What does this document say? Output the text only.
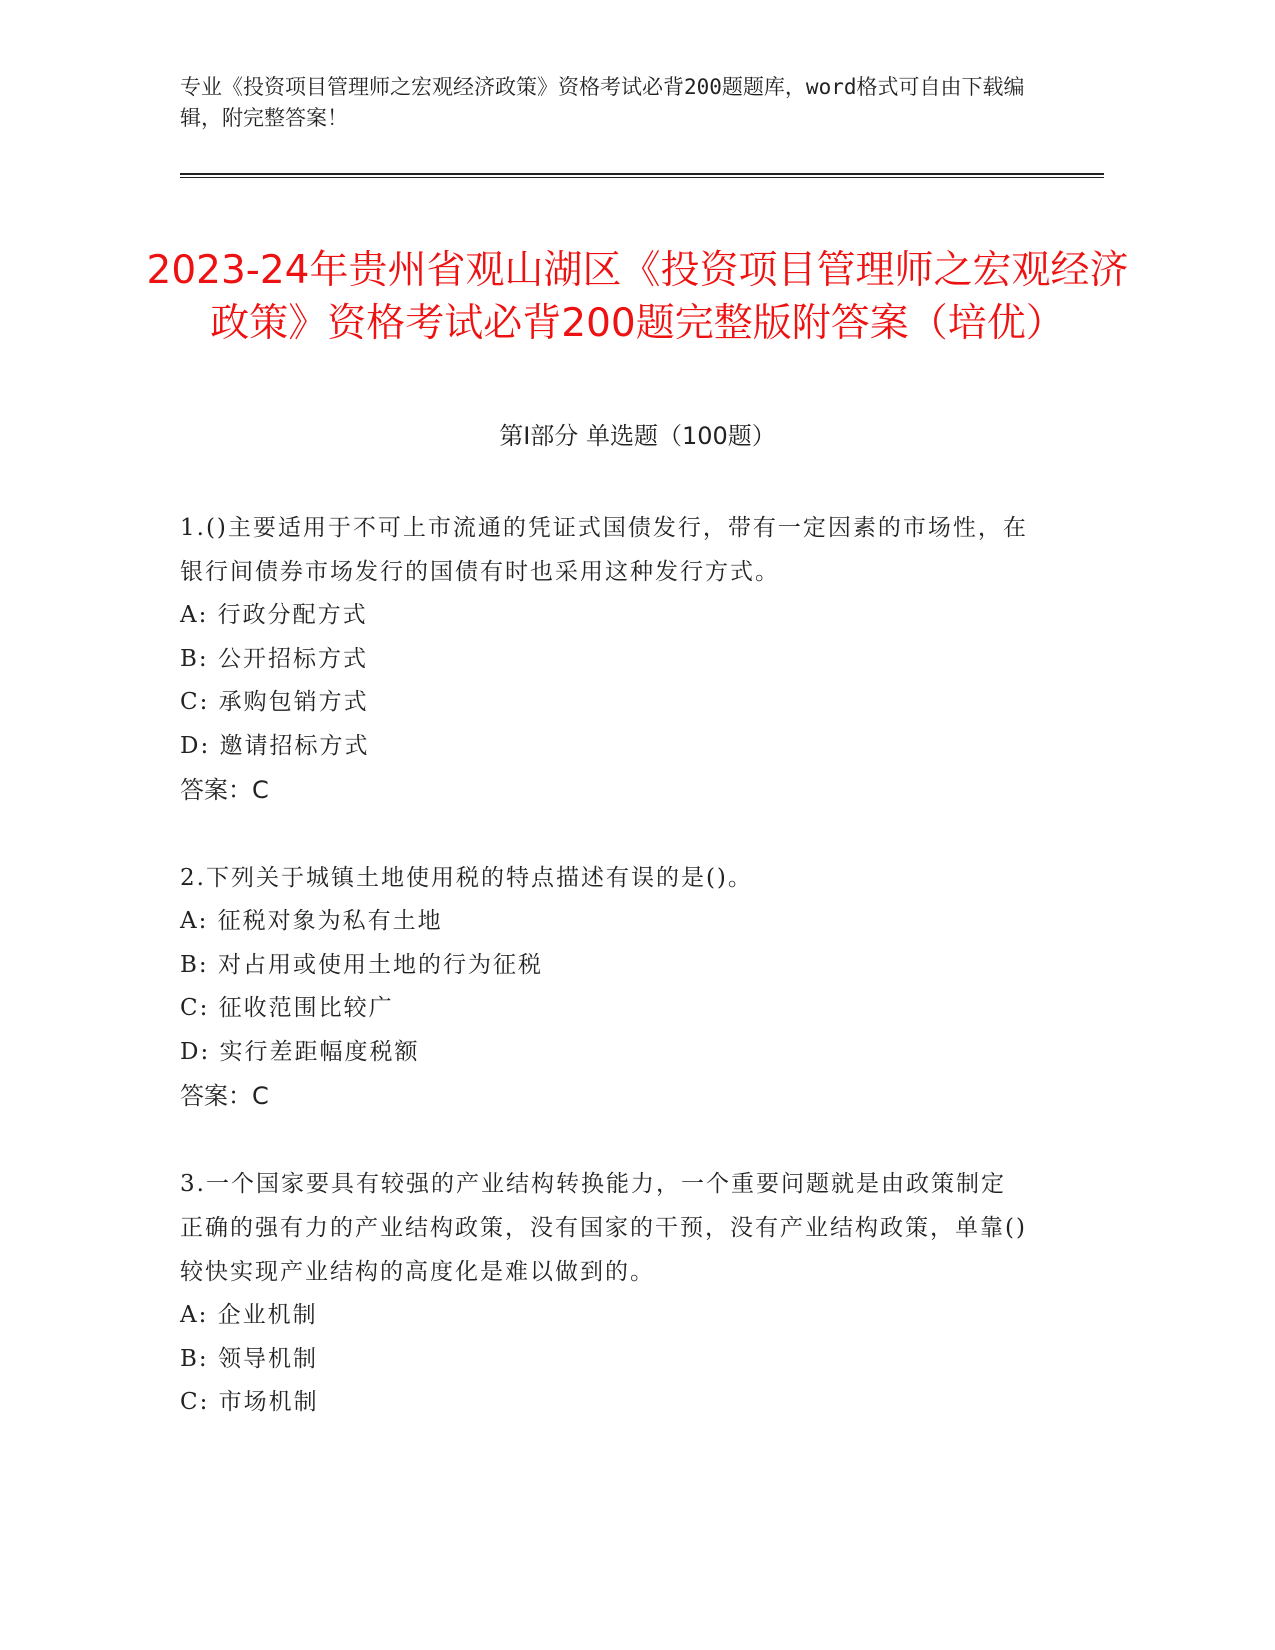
专业《投资项目管理师之宏观经济政策》资格考试必背200题题库，word格式可自由下载编辑，附完整答案！
2023-24年贵州省观山湖区《投资项目管理师之宏观经济政策》资格考试必背200题完整版附答案（培优）
第I部分 单选题（100题）
1.()主要适用于不可上市流通的凭证式国债发行，带有一定因素的市场性，在银行间债券市场发行的国债有时也采用这种发行方式。
A: 行政分配方式
B: 公开招标方式
C: 承购包销方式
D: 邀请招标方式
答案：C
2.下列关于城镇土地使用税的特点描述有误的是()。
A: 征税对象为私有土地
B: 对占用或使用土地的行为征税
C: 征收范围比较广
D: 实行差距幅度税额
答案：C
3.一个国家要具有较强的产业结构转换能力，一个重要问题就是由政策制定正确的强有力的产业结构政策，没有国家的干预，没有产业结构政策，单靠()较快实现产业结构的高度化是难以做到的。
A: 企业机制
B: 领导机制
C: 市场机制
